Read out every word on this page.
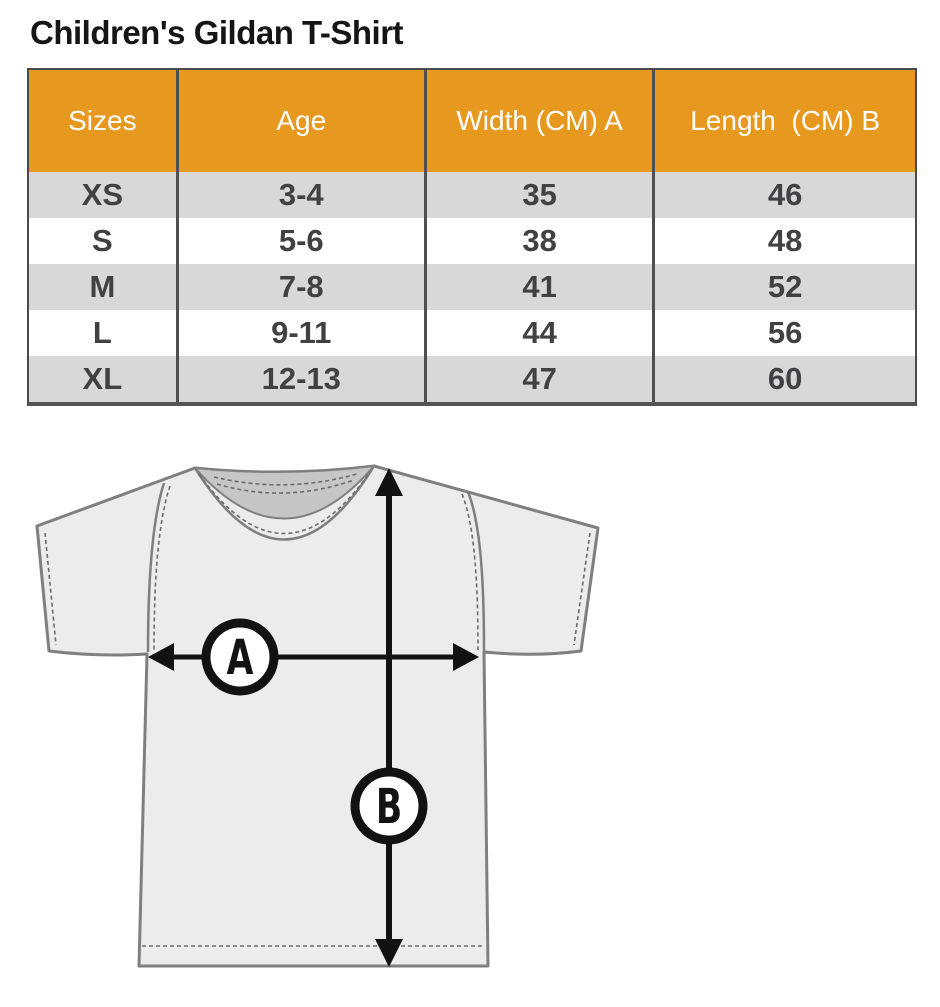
Children's Gildan T-Shirt
Sizes	Age	Width (CM) A	Length  (CM) B
XS	3-4	35	46
S	5-6	38	48
M	7-8	41	52
L	9-11	44	56
XL	12-13	47	60
A
B
